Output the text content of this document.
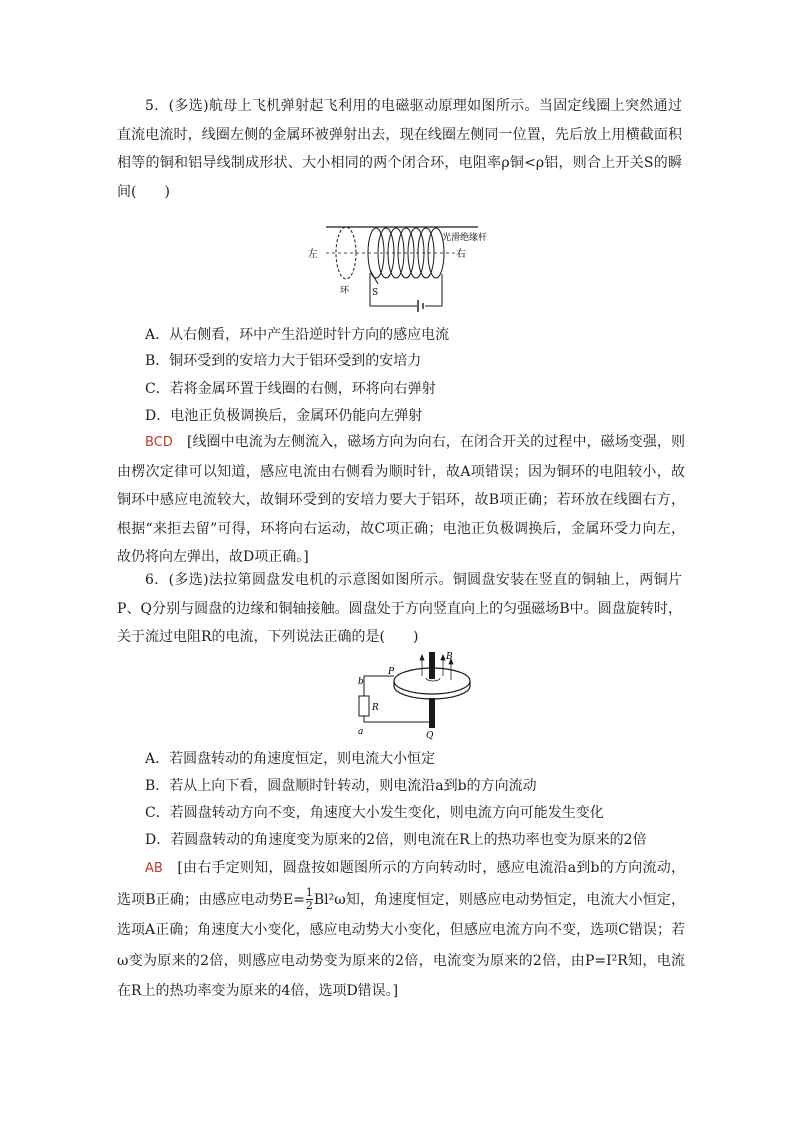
5．(多选)航母上飞机弹射起飞利用的电磁驱动原理如图所示。当固定线圈上突然通过直流电流时，线圈左侧的金属环被弹射出去，现在线圈左侧同一位置，先后放上用横截面积相等的铜和铝导线制成形状、大小相同的两个闭合环，电阻率ρ铜<ρ铝，则合上开关S的瞬间(　　)
左	右
光滑绝缘杆
环	S
A．从右侧看，环中产生沿逆时针方向的感应电流
B．铜环受到的安培力大于铝环受到的安培力
C．若将金属环置于线圈的右侧，环将向右弹射
D．电池正负极调换后，金属环仍能向左弹射
BCD　 [线圈中电流为左侧流入，磁场方向为向右，在闭合开关的过程中，磁场变强，则由楞次定律可以知道，感应电流由右侧看为顺时针，故A项错误；因为铜环的电阻较小，故铜环中感应电流较大，故铜环受到的安培力要大于铝环，故B项正确；若环放在线圈右方，根据“来拒去留”可得，环将向右运动，故C项正确；电池正负极调换后，金属环受力向左，故仍将向左弹出，故D项正确。]
6．(多选)法拉第圆盘发电机的示意图如图所示。铜圆盘安装在竖直的铜轴上，两铜片P、Q分别与圆盘的边缘和铜轴接触。圆盘处于方向竖直向上的匀强磁场B中。圆盘旋转时，关于流过电阻R的电流，下列说法正确的是(　　)
b
a
R
P
Q
B
A．若圆盘转动的角速度恒定，则电流大小恒定
B．若从上向下看，圆盘顺时针转动，则电流沿a到b的方向流动
C．若圆盘转动方向不变，角速度大小发生变化，则电流方向可能发生变化
D．若圆盘转动的角速度变为原来的2倍，则电流在R上的热功率也变为原来的2倍
AB　 [由右手定则知，圆盘按如题图所示的方向转动时，感应电流沿a到b的方向流动，选项B正确；由感应电动势$E= \frac{1}{2} Bl^2\omega$知，角速度恒定，则感应电动势恒定，电流大小恒定，选项A正确；角速度大小变化，感应电动势大小变化，但感应电流方向不变，选项C错误；若ω变为原来的2倍，则感应电动势变为原来的2倍，电流变为原来的2倍，由P=I²R知，电流在R上的热功率变为原来的4倍，选项D错误。]
